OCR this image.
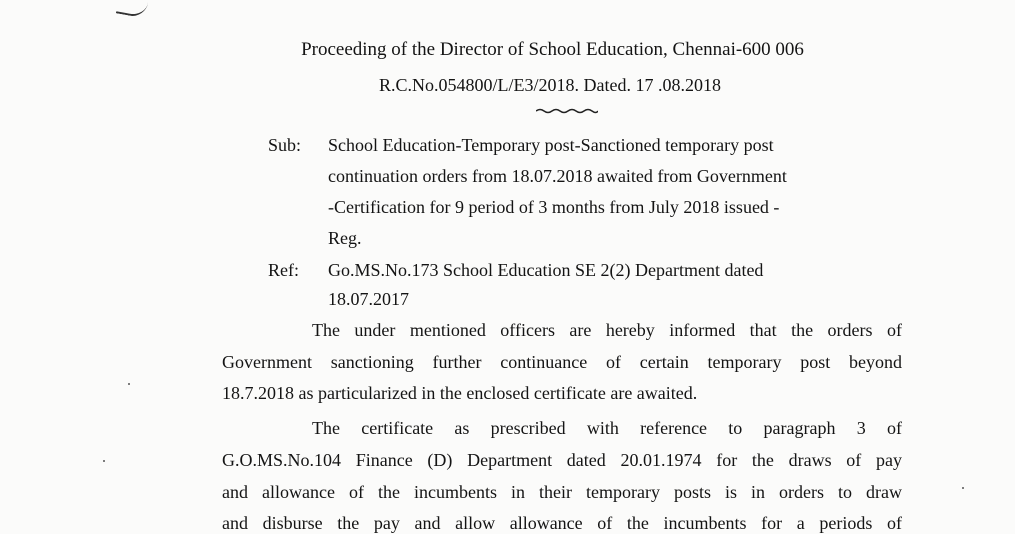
Proceeding of the Director of School Education, Chennai-600 006
R.C.No.054800/L/E3/2018. Dated. 17 .08.2018
Sub: School Education-Temporary post-Sanctioned temporary post
continuation orders from 18.07.2018 awaited from Government
-Certification for 9 period of 3 months from July 2018 issued -
Reg.
Ref: Go.MS.No.173 School Education SE 2(2) Department dated
18.07.2017
The under mentioned officers are hereby informed that the orders of
Government sanctioning further continuance of certain temporary post beyond
18.7.2018 as particularized in the enclosed certificate are awaited.
The certificate as prescribed with reference to paragraph 3 of
G.O.MS.No.104 Finance (D) Department dated 20.01.1974 for the draws of pay
and allowance of the incumbents in their temporary posts is in orders to draw
and disburse the pay and allow allowance of the incumbents for a periods of
